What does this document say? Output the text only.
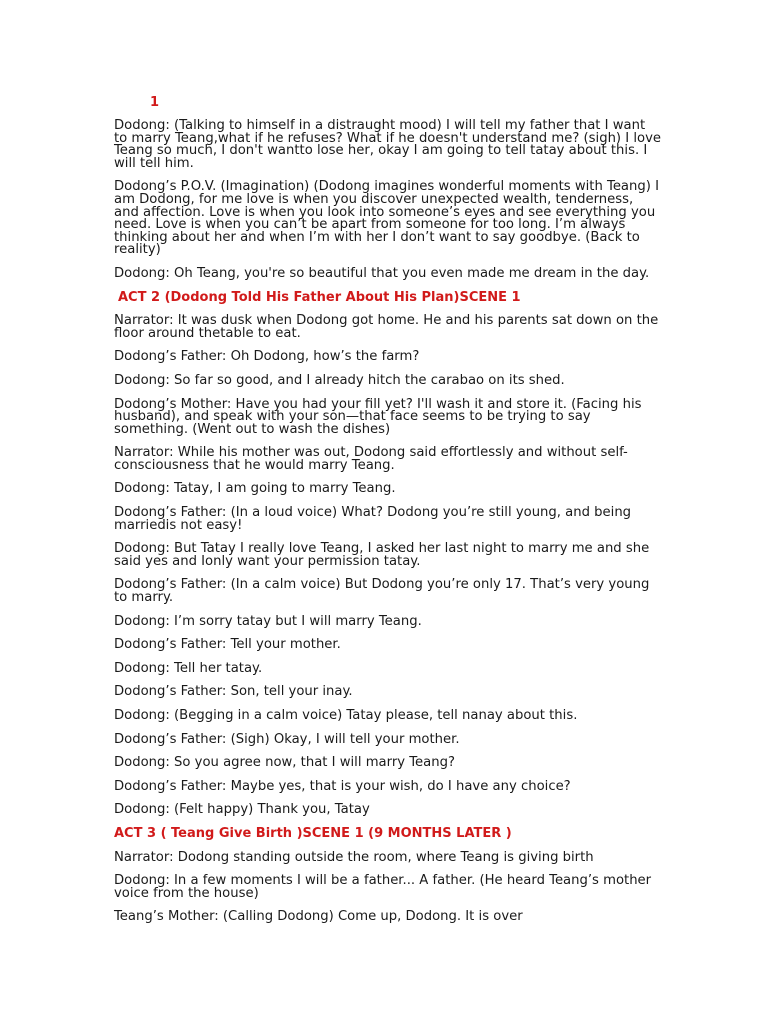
1

Dodong: (Talking to himself in a distraught mood) I will tell my father that I want to marry Teang,what if he refuses? What if he doesn't understand me? (sigh) I love Teang so much, I don't wantto lose her, okay I am going to tell tatay about this. I will tell him.

Dodong’s P.O.V. (Imagination) (Dodong imagines wonderful moments with Teang) I am Dodong, for me love is when you discover unexpected wealth, tenderness, and affection. Love is when you look into someone’s eyes and see everything you need. Love is when you can’t be apart from someone for too long. I’m always thinking about her and when I’m with her I don’t want to say goodbye. (Back to reality)

Dodong: Oh Teang, you're so beautiful that you even made me dream in the day.

ACT 2 (Dodong Told His Father About His Plan)SCENE 1

Narrator: It was dusk when Dodong got home. He and his parents sat down on the floor around thetable to eat.

Dodong’s Father: Oh Dodong, how’s the farm?

Dodong: So far so good, and I already hitch the carabao on its shed.

Dodong’s Mother: Have you had your fill yet? I'll wash it and store it. (Facing his husband), and speak with your son—that face seems to be trying to say something. (Went out to wash the dishes)

Narrator: While his mother was out, Dodong said effortlessly and without self-consciousness that he would marry Teang.

Dodong: Tatay, I am going to marry Teang.

Dodong’s Father: (In a loud voice) What? Dodong you’re still young, and being marriedis not easy!

Dodong: But Tatay I really love Teang, I asked her last night to marry me and she said yes and Ionly want your permission tatay.

Dodong’s Father: (In a calm voice) But Dodong you’re only 17. That’s very young to marry.

Dodong: I’m sorry tatay but I will marry Teang.

Dodong’s Father: Tell your mother.

Dodong: Tell her tatay.

Dodong’s Father: Son, tell your inay.

Dodong: (Begging in a calm voice) Tatay please, tell nanay about this.

Dodong’s Father: (Sigh) Okay, I will tell your mother.

Dodong: So you agree now, that I will marry Teang?

Dodong’s Father: Maybe yes, that is your wish, do I have any choice?

Dodong: (Felt happy) Thank you, Tatay

ACT 3 ( Teang Give Birth )SCENE 1 (9 MONTHS LATER )

Narrator: Dodong standing outside the room, where Teang is giving birth

Dodong: In a few moments I will be a father... A father. (He heard Teang’s mother voice from the house)

Teang’s Mother: (Calling Dodong) Come up, Dodong. It is over
